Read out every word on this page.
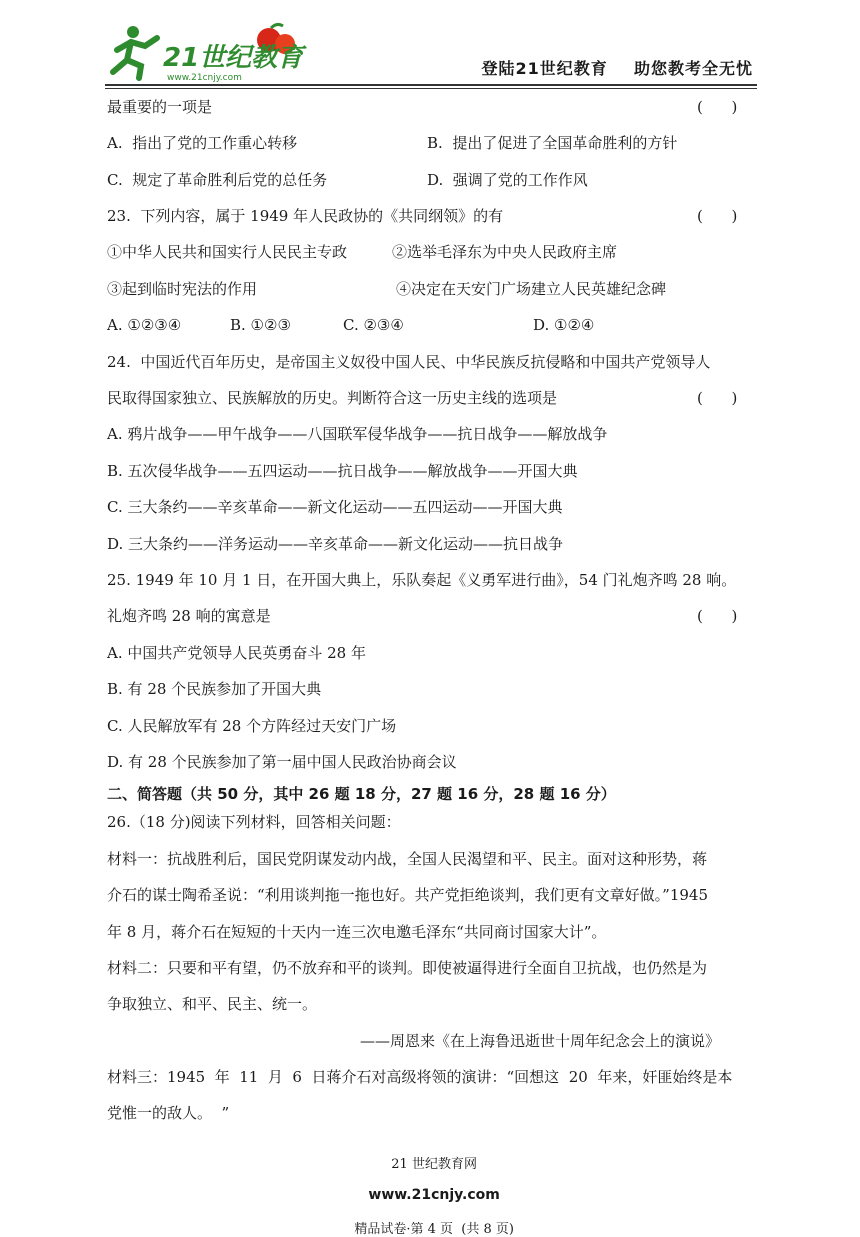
21世纪教育
www.21cnjy.com	登陆21世纪教育    助您教考全无忧
最重要的一项是	(      )
A.  指出了党的工作重心转移	B.  提出了促进了全国革命胜利的方针
C.  规定了革命胜利后党的总任务	D.  强调了党的工作作风
23.  下列内容，属于 1949 年人民政协的《共同纲领》的有	(      )
①中华人民共和国实行人民民主专政	②选举毛泽东为中央人民政府主席
③起到临时宪法的作用	④决定在天安门广场建立人民英雄纪念碑
A. ①②③④	B. ①②③	C. ②③④	D. ①②④
24.  中国近代百年历史，是帝国主义奴役中国人民、中华民族反抗侵略和中国共产党领导人
民取得国家独立、民族解放的历史。判断符合这一历史主线的选项是	(      )
A. 鸦片战争——甲午战争——八国联军侵华战争——抗日战争——解放战争
B. 五次侵华战争——五四运动——抗日战争——解放战争——开国大典
C. 三大条约——辛亥革命——新文化运动——五四运动——开国大典
D. 三大条约——洋务运动——辛亥革命——新文化运动——抗日战争
25. 1949 年 10 月 1 日，在开国大典上，乐队奏起《义勇军进行曲》，54 门礼炮齐鸣 28 响。
礼炮齐鸣 28 响的寓意是	(      )
A. 中国共产党领导人民英勇奋斗 28 年
B. 有 28 个民族参加了开国大典
C. 人民解放军有 28 个方阵经过天安门广场
D. 有 28 个民族参加了第一届中国人民政治协商会议
二、简答题（共 50 分，其中 26 题 18 分，27 题 16 分，28 题 16 分）
26.（18 分)阅读下列材料，回答相关问题：
材料一：抗战胜利后，国民党阴谋发动内战，全国人民渴望和平、民主。面对这种形势，蒋
介石的谋士陶希圣说：“利用谈判拖一拖也好。共产党拒绝谈判，我们更有文章好做。”1945
年 8 月，蒋介石在短短的十天内一连三次电邀毛泽东“共同商讨国家大计”。
材料二：只要和平有望，仍不放弃和平的谈判。即使被逼得进行全面自卫抗战，也仍然是为
争取独立、和平、民主、统一。
——周恩来《在上海鲁迅逝世十周年纪念会上的演说》
材料三：1945  年  11  月  6  日蒋介石对高级将领的演讲：“回想这  20  年来，奸匪始终是本
党惟一的敌人。  ”

21 世纪教育网

www.21cnjy.com

精品试卷·第 4 页  (共 8 页)
